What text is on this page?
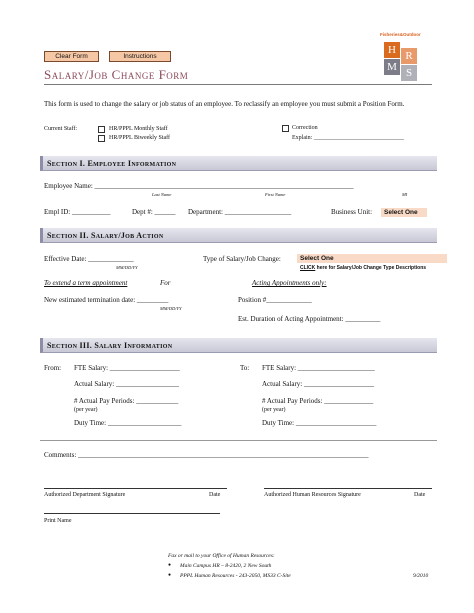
Clear Form	Instructions
Salary/Job Change Form
Fisheries&Outdoor
H R
M S
This form is used to change the salary or job status of an employee. To reclassify an employee you must submit a Position Form.
Current Staff:	HR/PPPL Monthly Staff
HR/PPPL Biweekly Staff
Correction
Explain: ______________________________
Section I. Employee Information
Employee Name: __________________________________________________________________________
Last Name	First Name	MI
Empl ID: ___________	Dept #: ______ Department: ___________________	Business Unit:	Select One
Section II. Salary/Job Action
Effective Date: _____________
MM/DD/YY
Type of Salary/Job Change:	Select One
CLICK here for Salary/Job Change Type Descriptions
To extend a term appointment	For	Acting Appointments only:
New estimated termination date: _________
MM/DD/YY
Position #_____________
Est. Duration of Acting Appointment: __________
Section III. Salary Information
From: FTE Salary: ____________________
Actual Salary: __________________
# Actual Pay Periods: ____________
(per year)
Duty Time: _____________________
To: FTE Salary: ______________________
Actual Salary: ____________________
# Actual Pay Periods: ______________
(per year)
Duty Time: _______________________
Comments: ___________________________________________________________________________________
Authorized Department Signature	Date	Authorized Human Resources Signature	Date
Print Name
Fax or mail to your Office of Human Resources:
● Main Campus HR – 8-2420, 2 New South
● PPPL Human Resources - 243-2050, MS33 C-Site	9/2010
